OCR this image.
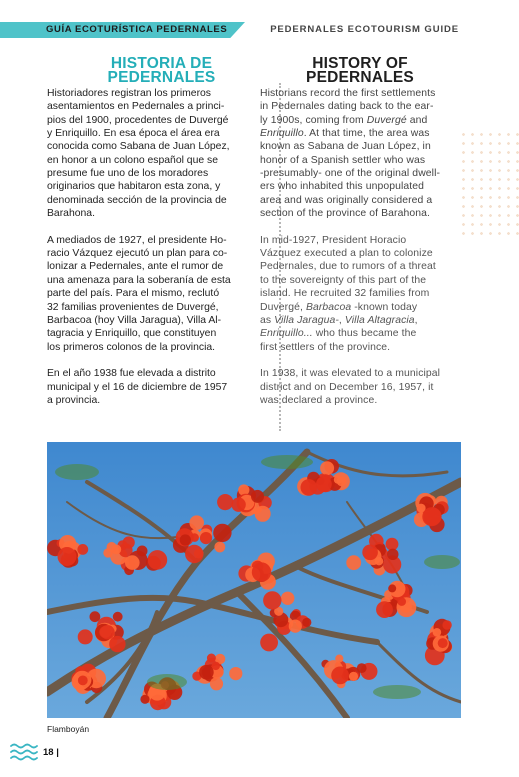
GUÍA ECOTURÍSTICA PEDERNALES	PEDERNALES ECOTOURISM GUIDE
HISTORIA DE
PEDERNALES
Historiadores registran los primeros
asentamientos en Pedernales a princi-
pios del 1900, procedentes de Duvergé
y Enriquillo. En esa época el área era
conocida como Sabana de Juan López,
en honor a un colono español que se
presume fue uno de los moradores
originarios que habitaron esta zona, y
denominada sección de la provincia de
Barahona.
A mediados de 1927, el presidente Ho-
racio Vázquez ejecutó un plan para co-
lonizar a Pedernales, ante el rumor de
una amenaza para la soberanía de esta
parte del país. Para el mismo, reclutó
32 familias provenientes de Duvergé,
Barbacoa (hoy Villa Jaragua), Villa Al-
tagracia y Enriquillo, que constituyen
los primeros colonos de la provincia.
En el año 1938 fue elevada a distrito
municipal y el 16 de diciembre de 1957
a provincia.
HISTORY OF
PEDERNALES
Historians record the first settlements
in Pedernales dating back to the ear-
ly 1900s, coming from Duvergé and
Enriquillo. At that time, the area was
known as Sabana de Juan López, in
honor of a Spanish settler who was
-presumably- one of the original dwell-
ers who inhabited this unpopulated
area and was originally considered a
section of the province of Barahona.
In mid-1927, President Horacio
Vázquez executed a plan to colonize
Pedernales, due to rumors of a threat
to the sovereignty of this part of the
island. He recruited 32 families from
Duvergé, Barbacoa -known today
as Villa Jaragua-, Villa Altagracia,
Enriquillo... who thus became the
first settlers of the province.
In 1938, it was elevated to a municipal
district and on December 16, 1957, it
was declared a province.
Flamboyán
18 |
